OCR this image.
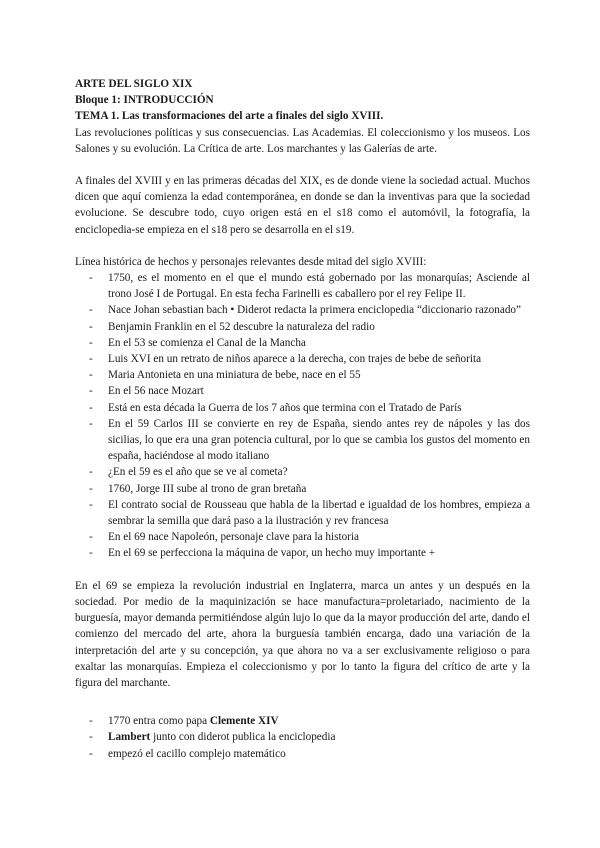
ARTE DEL SIGLO XIX

Bloque 1: INTRODUCCIÓN

TEMA 1. Las transformaciones del arte a finales del siglo XVIII.

Las revoluciones políticas y sus consecuencias. Las Academias. El coleccionismo y los museos. Los Salones y su evolución. La Crítica de arte. Los marchantes y las Galerías de arte.

A finales del XVIII y en las primeras décadas del XIX, es de donde viene la sociedad actual. Muchos dicen que aquí comienza la edad contemporánea, en donde se dan la inventivas para que la sociedad evolucione. Se descubre todo, cuyo origen está en el s18 como el automóvil, la fotografía, la enciclopedia-se empieza en el s18 pero se desarrolla en el s19.

Línea histórica de hechos y personajes relevantes desde mitad del siglo XVIII:

- 1750, es el momento en el que el mundo está gobernado por las monarquías; Asciende al trono José I de Portugal. En esta fecha Farinelli es caballero por el rey Felipe II.
- Nace Johan sebastian bach • Diderot redacta la primera enciclopedia “diccionario razonado”
- Benjamin Franklin en el 52 descubre la naturaleza del radio
- En el 53 se comienza el Canal de la Mancha
- Luis XVI en un retrato de niños aparece a la derecha, con trajes de bebe de señorita
- Maria Antonieta en una miniatura de bebe, nace en el 55
- En el 56 nace Mozart
- Está en esta década la Guerra de los 7 años que termina con el Tratado de París
- En el 59 Carlos III se convierte en rey de España, siendo antes rey de nápoles y las dos sicilias, lo que era una gran potencia cultural, por lo que se cambia los gustos del momento en españa, haciéndose al modo italiano
- ¿En el 59 es el año que se ve al cometa?
- 1760, Jorge III sube al trono de gran bretaña
- El contrato social de Rousseau que habla de la libertad e igualdad de los hombres, empieza a sembrar la semilla que dará paso a la ilustración y rev francesa
- En el 69 nace Napoleón, personaje clave para la historia
- En el 69 se perfecciona la máquina de vapor, un hecho muy importante +

En el 69 se empieza la revolución industrial en Inglaterra, marca un antes y un después en la sociedad. Por medio de la maquinización se hace manufactura=proletariado, nacimiento de la burguesía, mayor demanda permitiéndose algún lujo lo que da la mayor producción del arte, dando el comienzo del mercado del arte, ahora la burguesía también encarga, dado una variación de la interpretación del arte y su concepción, ya que ahora no va a ser exclusivamente religioso o para exaltar las monarquías. Empieza el coleccionismo y por lo tanto la figura del crítico de arte y la figura del marchante.

- 1770 entra como papa Clemente XIV
- Lambert junto con diderot publica la enciclopedia
- empezó el cacillo complejo matemático
